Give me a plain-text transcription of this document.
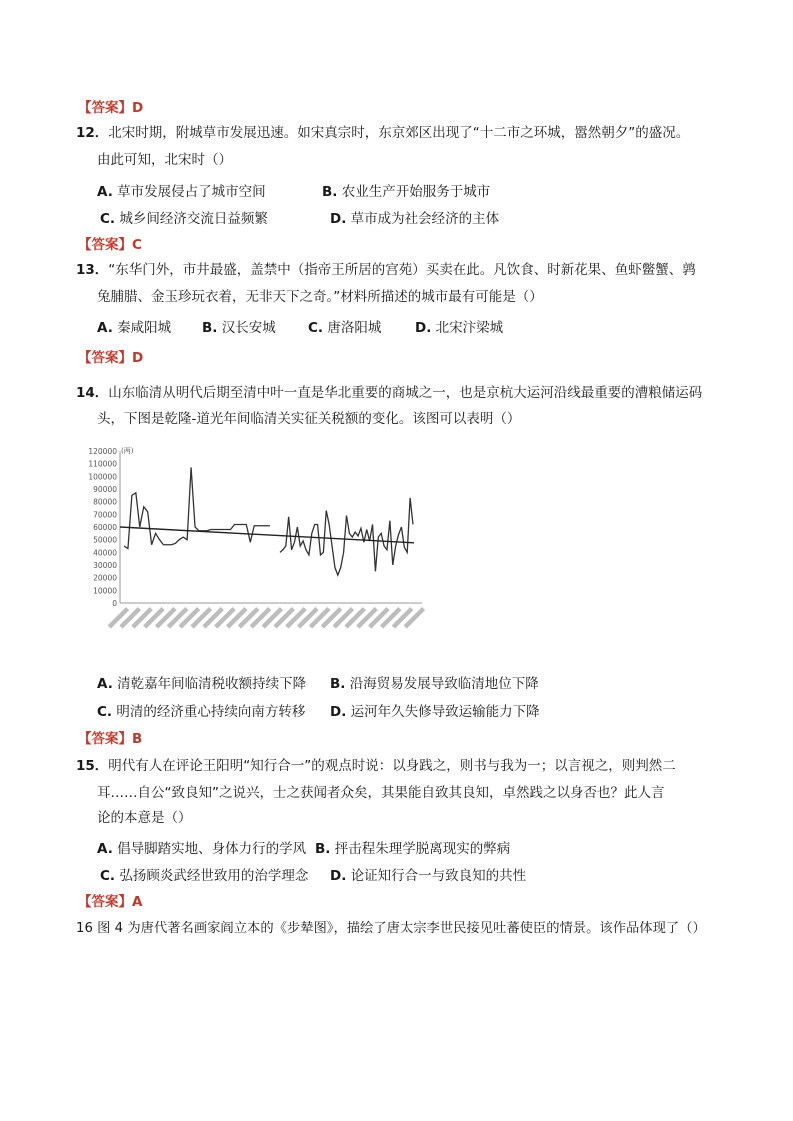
【答案】D
12．北宋时期，附城草市发展迅速。如宋真宗时，东京郊区出现了“十二市之环城，嚣然朝夕”的盛况。
由此可知，北宋时（）
A. 草市发展侵占了城市空间	B. 农业生产开始服务于城市
C. 城乡间经济交流日益频繁	D. 草市成为社会经济的主体
【答案】C
13．“东华门外，市井最盛，盖禁中（指帝王所居的宫苑）买卖在此。凡饮食、时新花果、鱼虾鳖蟹、鹑
兔脯腊、金玉珍玩衣着，无非天下之奇。”材料所描述的城市最有可能是（）
A. 秦咸阳城 B. 汉长安城 C. 唐洛阳城 D. 北宋汴梁城
【答案】D
14．山东临清从明代后期至清中叶一直是华北重要的商城之一，也是京杭大运河沿线最重要的漕粮储运码
头，下图是乾隆-道光年间临清关实征关税额的变化。该图可以表明（）
120000
110000
100000
90000
80000
70000
60000
50000
40000
30000
20000
10000
0
(两)
A. 清乾嘉年间临清税收额持续下降 B. 沿海贸易发展导致临清地位下降
C. 明清的经济重心持续向南方转移 D. 运河年久失修导致运输能力下降
【答案】B
15．明代有人在评论王阳明“知行合一”的观点时说：以身践之，则书与我为一；以言视之，则判然二
耳……自公“致良知”之说兴，士之获闻者众矣，其果能自致其良知，卓然践之以身否也？此人言
论的本意是（）
A. 倡导脚踏实地、身体力行的学风 B. 抨击程朱理学脱离现实的弊病
C. 弘扬顾炎武经世致用的治学理念 D. 论证知行合一与致良知的共性
【答案】A
16 图 4 为唐代著名画家阎立本的《步辇图》，描绘了唐太宗李世民接见吐蕃使臣的情景。该作品体现了（）
